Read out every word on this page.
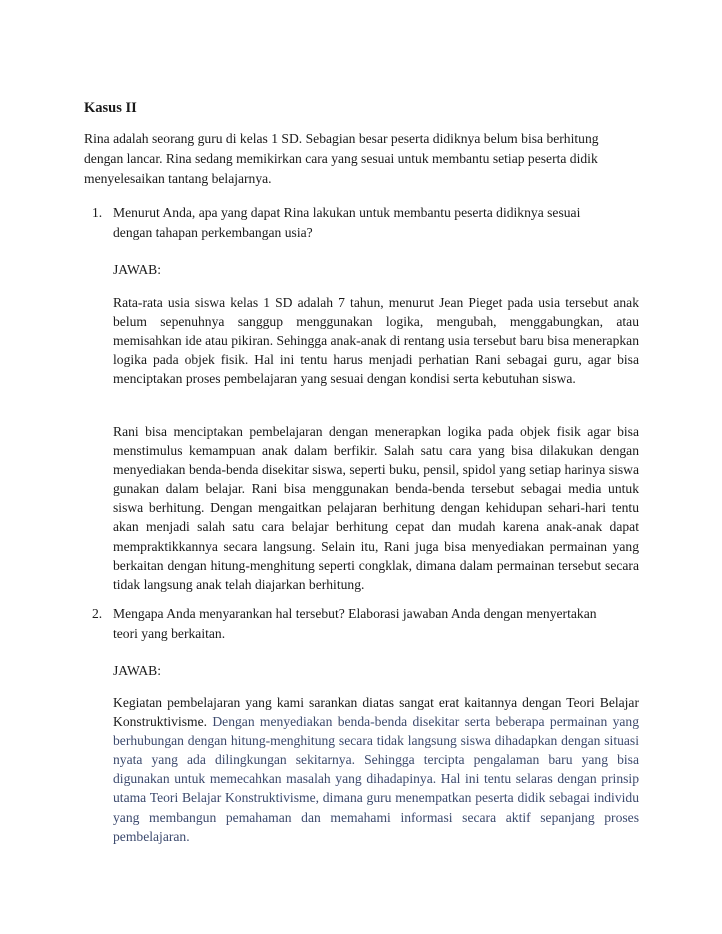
Kasus II
Rina adalah seorang guru di kelas 1 SD. Sebagian besar peserta didiknya belum bisa berhitung dengan lancar. Rina sedang memikirkan cara yang sesuai untuk membantu setiap peserta didik menyelesaikan tantang belajarnya.
1. Menurut Anda, apa yang dapat Rina lakukan untuk membantu peserta didiknya sesuai dengan tahapan perkembangan usia?
JAWAB:
Rata-rata usia siswa kelas 1 SD adalah 7 tahun, menurut Jean Pieget pada usia tersebut anak belum sepenuhnya sanggup menggunakan logika, mengubah, menggabungkan, atau memisahkan ide atau pikiran. Sehingga anak-anak di rentang usia tersebut baru bisa menerapkan logika pada objek fisik. Hal ini tentu harus menjadi perhatian Rani sebagai guru, agar bisa menciptakan proses pembelajaran yang sesuai dengan kondisi serta kebutuhan siswa.
Rani bisa menciptakan pembelajaran dengan menerapkan logika pada objek fisik agar bisa menstimulus kemampuan anak dalam berfikir. Salah satu cara yang bisa dilakukan dengan menyediakan benda-benda disekitar siswa, seperti buku, pensil, spidol yang setiap harinya siswa gunakan dalam belajar. Rani bisa menggunakan benda-benda tersebut sebagai media untuk siswa berhitung. Dengan mengaitkan pelajaran berhitung dengan kehidupan sehari-hari tentu akan menjadi salah satu cara belajar berhitung cepat dan mudah karena anak-anak dapat mempraktikkannya secara langsung. Selain itu, Rani juga bisa menyediakan permainan yang berkaitan dengan hitung-menghitung seperti congklak, dimana dalam permainan tersebut secara tidak langsung anak telah diajarkan berhitung.
2. Mengapa Anda menyarankan hal tersebut? Elaborasi jawaban Anda dengan menyertakan teori yang berkaitan.
JAWAB:
Kegiatan pembelajaran yang kami sarankan diatas sangat erat kaitannya dengan Teori Belajar Konstruktivisme. Dengan menyediakan benda-benda disekitar serta beberapa permainan yang berhubungan dengan hitung-menghitung secara tidak langsung siswa dihadapkan dengan situasi nyata yang ada dilingkungan sekitarnya. Sehingga tercipta pengalaman baru yang bisa digunakan untuk memecahkan masalah yang dihadapinya. Hal ini tentu selaras dengan prinsip utama Teori Belajar Konstruktivisme, dimana guru menempatkan peserta didik sebagai individu yang membangun pemahaman dan memahami informasi secara aktif sepanjang proses pembelajaran.
